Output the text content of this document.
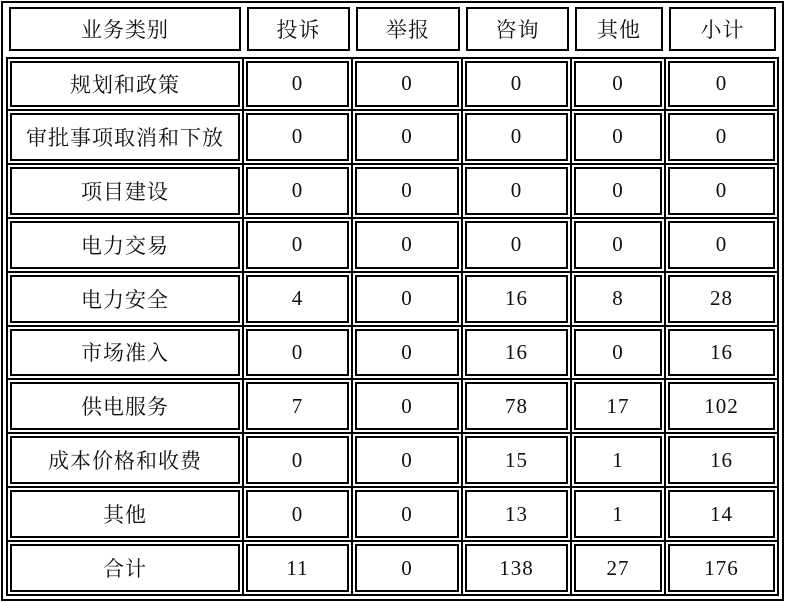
业务类别	投诉	举报	咨询	其他	小计
规划和政策	0	0	0	0	0
审批事项取消和下放	0	0	0	0	0
项目建设	0	0	0	0	0
电力交易	0	0	0	0	0
电力安全	4	0	16	8	28
市场准入	0	0	16	0	16
供电服务	7	0	78	17	102
成本价格和收费	0	0	15	1	16
其他	0	0	13	1	14
合计	11	0	138	27	176
